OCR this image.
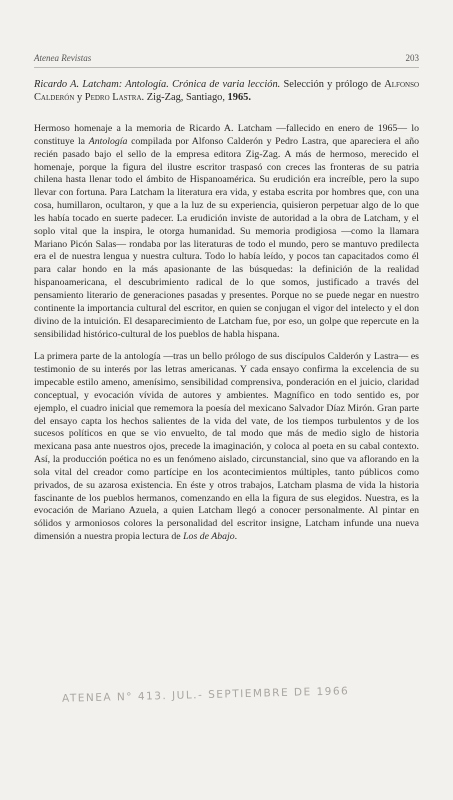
Atenea Revistas	203
Ricardo A. Latcham: Antología. Crónica de varia lección. Selección y prólogo de Alfonso Calderón y Pedro Lastra. Zig-Zag, Santiago, 1965.

Hermoso homenaje a la memoria de Ricardo A. Latcham —fallecido en enero de 1965— lo constituye la Antología compilada por Alfonso Calderón y Pedro Lastra, que apareciera el año recién pasado bajo el sello de la empresa editora Zig-Zag. A más de hermoso, merecido el homenaje, porque la figura del ilustre escritor traspasó con creces las fronteras de su patria chilena hasta llenar todo el ámbito de Hispanoamérica. Su erudición era increíble, pero la supo llevar con fortuna. Para Latcham la literatura era vida, y estaba escrita por hombres que, con una cosa, humillaron, ocultaron, y que a la luz de su experiencia, quisieron perpetuar algo de lo que les había tocado en suerte padecer. La erudición inviste de autoridad a la obra de Latcham, y el soplo vital que la inspira, le otorga humanidad. Su memoria prodigiosa —como la llamara Mariano Picón Salas— rondaba por las literaturas de todo el mundo, pero se mantuvo predilecta era el de nuestra lengua y nuestra cultura. Todo lo había leído, y pocos tan capacitados como él para calar hondo en la más apasionante de las búsquedas: la definición de la realidad hispanoamericana, el descubrimiento radical de lo que somos, justificado a través del pensamiento literario de generaciones pasadas y presentes. Porque no se puede negar en nuestro continente la importancia cultural del escritor, en quien se conjugan el vigor del intelecto y el don divino de la intuición. El desaparecimiento de Latcham fue, por eso, un golpe que repercute en la sensibilidad histórico-cultural de los pueblos de habla hispana.

La primera parte de la antología —tras un bello prólogo de sus discípulos Calderón y Lastra— es testimonio de su interés por las letras americanas. Y cada ensayo confirma la excelencia de su impecable estilo ameno, amenísimo, sensibilidad comprensiva, ponderación en el juicio, claridad conceptual, y evocación vívida de autores y ambientes. Magnífico en todo sentido es, por ejemplo, el cuadro inicial que rememora la poesía del mexicano Salvador Díaz Mirón. Gran parte del ensayo capta los hechos salientes de la vida del vate, de los tiempos turbulentos y de los sucesos políticos en que se vio envuelto, de tal modo que más de medio siglo de historia mexicana pasa ante nuestros ojos, precede la imaginación, y coloca al poeta en su cabal contexto. Así, la producción poética no es un fenómeno aislado, circunstancial, sino que va aflorando en la sola vital del creador como partícipe en los acontecimientos múltiples, tanto públicos como privados, de su azarosa existencia. En éste y otros trabajos, Latcham plasma de vida la historia fascinante de los pueblos hermanos, comenzando en ella la figura de sus elegidos. Nuestra, es la evocación de Mariano Azuela, a quien Latcham llegó a conocer personalmente. Al pintar en sólidos y armoniosos colores la personalidad del escritor insigne, Latcham infunde una nueva dimensión a nuestra propia lectura de Los de Abajo.

ATENEA N° 413. JUL.- SEPTIEMBRE DE 1966
